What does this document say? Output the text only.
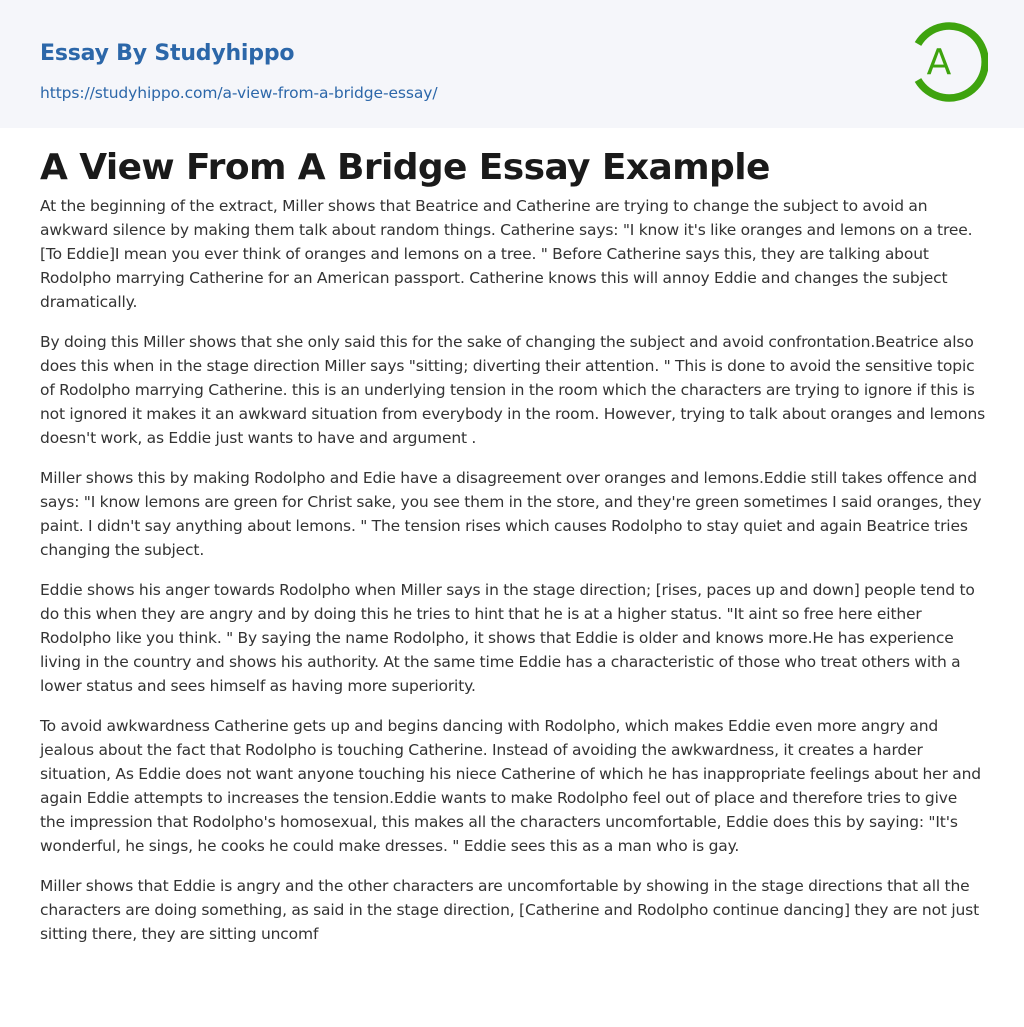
Essay By Studyhippo
https://studyhippo.com/a-view-from-a-bridge-essay/
A
A View From A Bridge Essay Example

At the beginning of the extract, Miller shows that Beatrice and Catherine are trying to change the subject to avoid an awkward silence by making them talk about random things. Catherine says: "I know it's like oranges and lemons on a tree. [To Eddie]I mean you ever think of oranges and lemons on a tree. " Before Catherine says this, they are talking about Rodolpho marrying Catherine for an American passport. Catherine knows this will annoy Eddie and changes the subject dramatically.

By doing this Miller shows that she only said this for the sake of changing the subject and avoid confrontation.Beatrice also does this when in the stage direction Miller says "sitting; diverting their attention. " This is done to avoid the sensitive topic of Rodolpho marrying Catherine. this is an underlying tension in the room which the characters are trying to ignore if this is not ignored it makes it an awkward situation from everybody in the room. However, trying to talk about oranges and lemons doesn't work, as Eddie just wants to have and argument .

Miller shows this by making Rodolpho and Edie have a disagreement over oranges and lemons.Eddie still takes offence and says: "I know lemons are green for Christ sake, you see them in the store, and they're green sometimes I said oranges, they paint. I didn't say anything about lemons. " The tension rises which causes Rodolpho to stay quiet and again Beatrice tries changing the subject.

Eddie shows his anger towards Rodolpho when Miller says in the stage direction; [rises, paces up and down] people tend to do this when they are angry and by doing this he tries to hint that he is at a higher status. "It aint so free here either Rodolpho like you think. " By saying the name Rodolpho, it shows that Eddie is older and knows more.He has experience living in the country and shows his authority. At the same time Eddie has a characteristic of those who treat others with a lower status and sees himself as having more superiority.

To avoid awkwardness Catherine gets up and begins dancing with Rodolpho, which makes Eddie even more angry and jealous about the fact that Rodolpho is touching Catherine. Instead of avoiding the awkwardness, it creates a harder situation, As Eddie does not want anyone touching his niece Catherine of which he has inappropriate feelings about her and again Eddie attempts to increases the tension.Eddie wants to make Rodolpho feel out of place and therefore tries to give the impression that Rodolpho's homosexual, this makes all the characters uncomfortable, Eddie does this by saying: "It's wonderful, he sings, he cooks he could make dresses. " Eddie sees this as a man who is gay.

Miller shows that Eddie is angry and the other characters are uncomfortable by showing in the stage directions that all the characters are doing something, as said in the stage direction, [Catherine and Rodolpho continue dancing] they are not just sitting there, they are sitting uncomf
